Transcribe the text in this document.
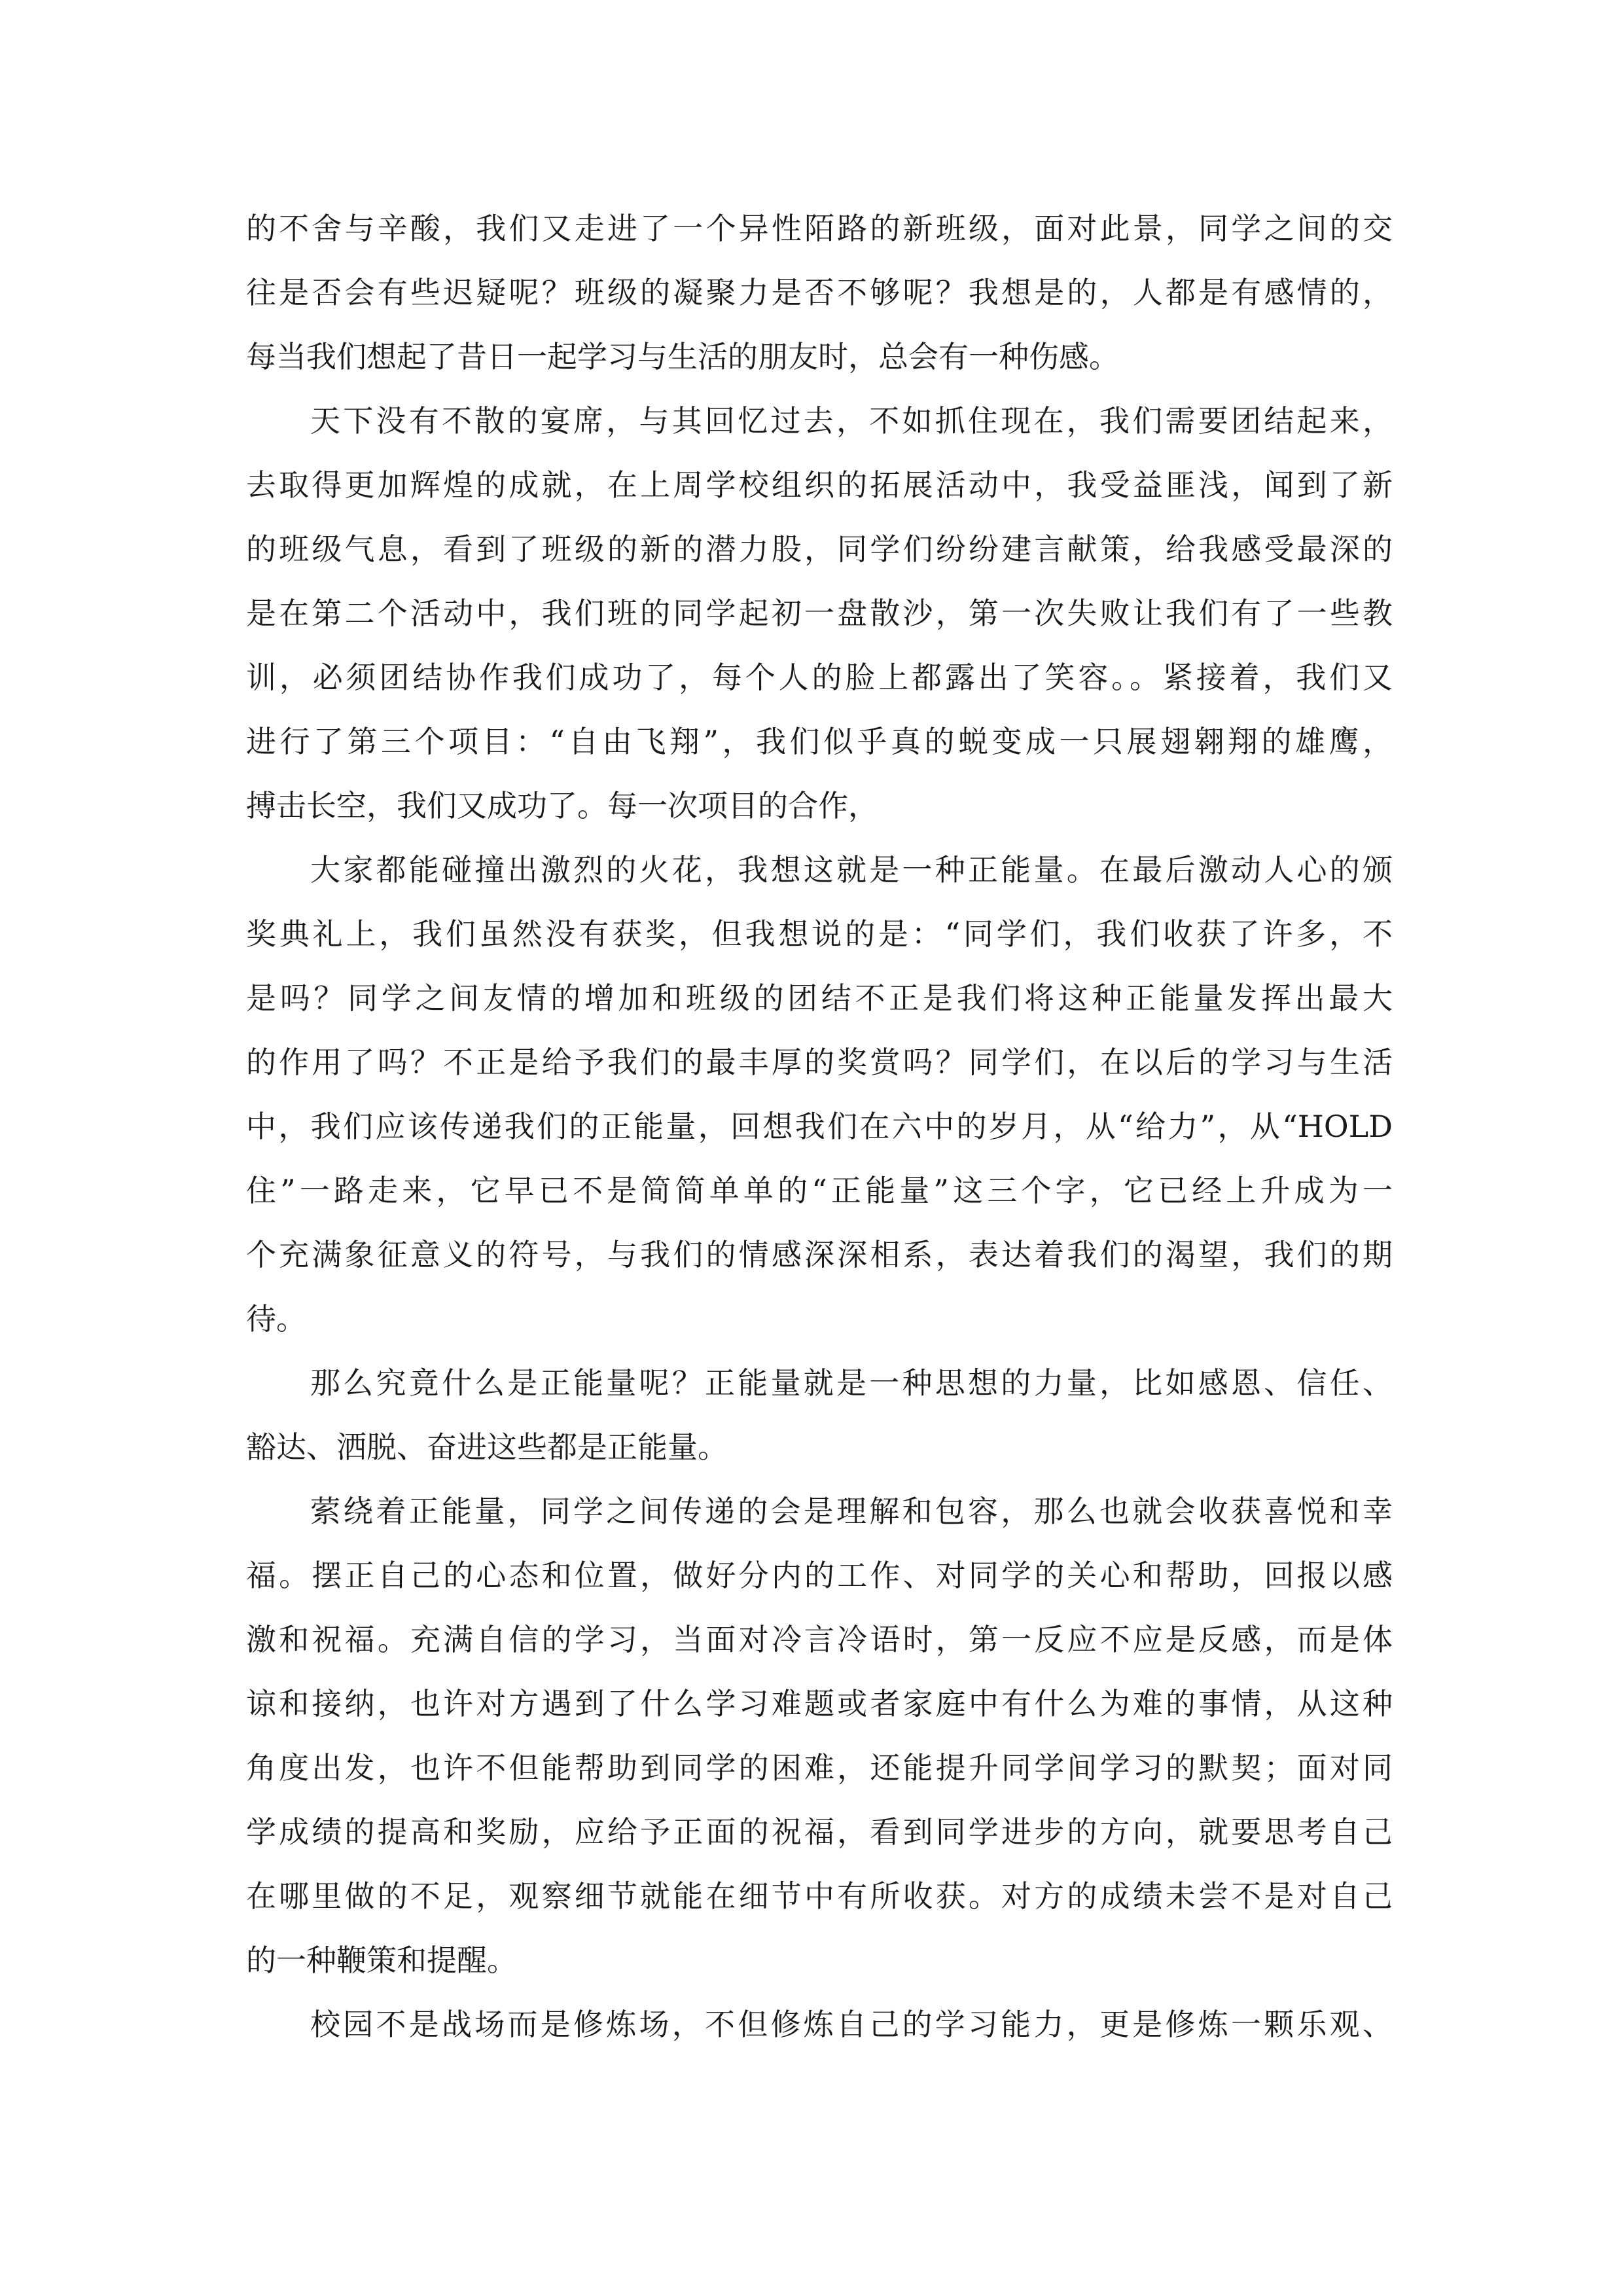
的不舍与辛酸，我们又走进了一个异性陌路的新班级，面对此景，同学之间的交
往是否会有些迟疑呢？班级的凝聚力是否不够呢？我想是的，人都是有感情的，
每当我们想起了昔日一起学习与生活的朋友时，总会有一种伤感。
天下没有不散的宴席，与其回忆过去，不如抓住现在，我们需要团结起来，
去取得更加辉煌的成就，在上周学校组织的拓展活动中，我受益匪浅，闻到了新
的班级气息，看到了班级的新的潜力股，同学们纷纷建言献策，给我感受最深的
是在第二个活动中，我们班的同学起初一盘散沙，第一次失败让我们有了一些教
训，必须团结协作我们成功了，每个人的脸上都露出了笑容。。紧接着，我们又
进行了第三个项目：“自由飞翔”，我们似乎真的蜕变成一只展翅翱翔的雄鹰，
搏击长空，我们又成功了。每一次项目的合作，
大家都能碰撞出激烈的火花，我想这就是一种正能量。在最后激动人心的颁
奖典礼上，我们虽然没有获奖，但我想说的是：“同学们，我们收获了许多，不
是吗？同学之间友情的增加和班级的团结不正是我们将这种正能量发挥出最大
的作用了吗？不正是给予我们的最丰厚的奖赏吗？同学们，在以后的学习与生活
中，我们应该传递我们的正能量，回想我们在六中的岁月，从“给力”，从“HOLD
住”一路走来，它早已不是简简单单的“正能量”这三个字，它已经上升成为一
个充满象征意义的符号，与我们的情感深深相系，表达着我们的渴望，我们的期
待。
那么究竟什么是正能量呢？正能量就是一种思想的力量，比如感恩、信任、
豁达、洒脱、奋进这些都是正能量。
萦绕着正能量，同学之间传递的会是理解和包容，那么也就会收获喜悦和幸
福。摆正自己的心态和位置，做好分内的工作、对同学的关心和帮助，回报以感
激和祝福。充满自信的学习，当面对冷言冷语时，第一反应不应是反感，而是体
谅和接纳，也许对方遇到了什么学习难题或者家庭中有什么为难的事情，从这种
角度出发，也许不但能帮助到同学的困难，还能提升同学间学习的默契；面对同
学成绩的提高和奖励，应给予正面的祝福，看到同学进步的方向，就要思考自己
在哪里做的不足，观察细节就能在细节中有所收获。对方的成绩未尝不是对自己
的一种鞭策和提醒。
校园不是战场而是修炼场，不但修炼自己的学习能力，更是修炼一颗乐观、
